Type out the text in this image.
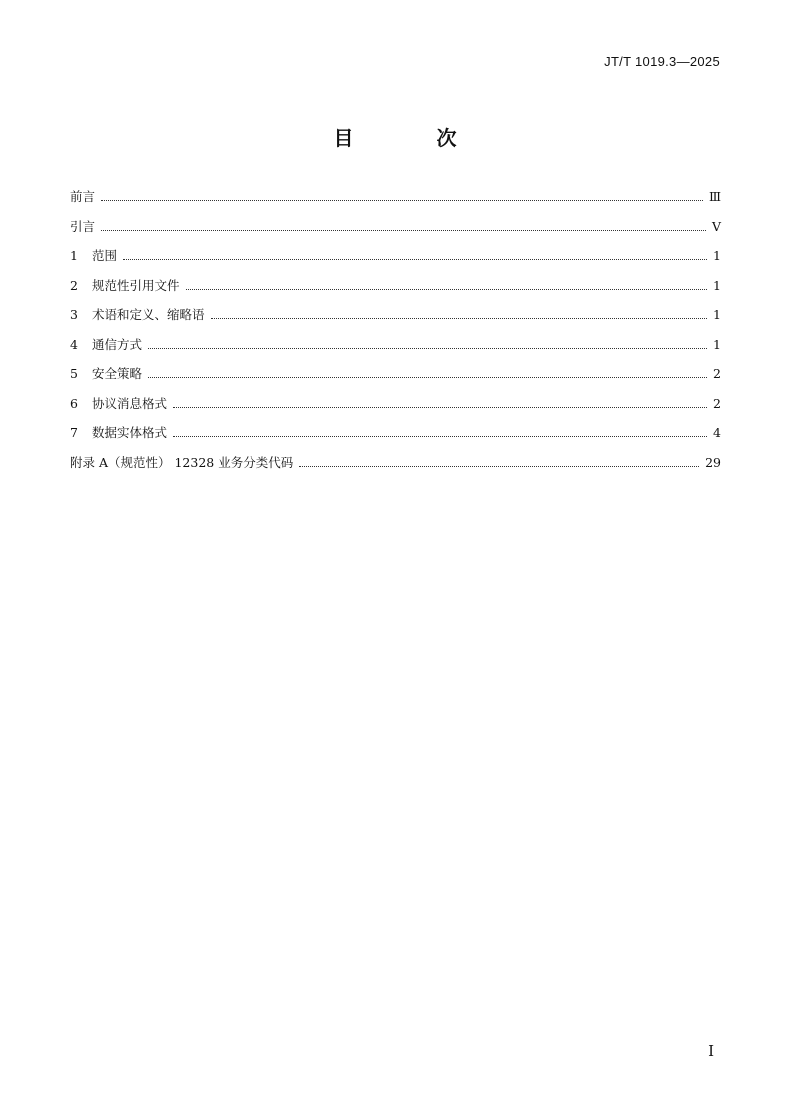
JT/T 1019.3—2025
目 次
前言	Ⅲ
引言	Ⅴ
1	范围	1
2	规范性引用文件	1
3	术语和定义、缩略语	1
4	通信方式	1
5	安全策略	2
6	协议消息格式	2
7	数据实体格式	4
附录 A（规范性） 12328 业务分类代码	29
I
